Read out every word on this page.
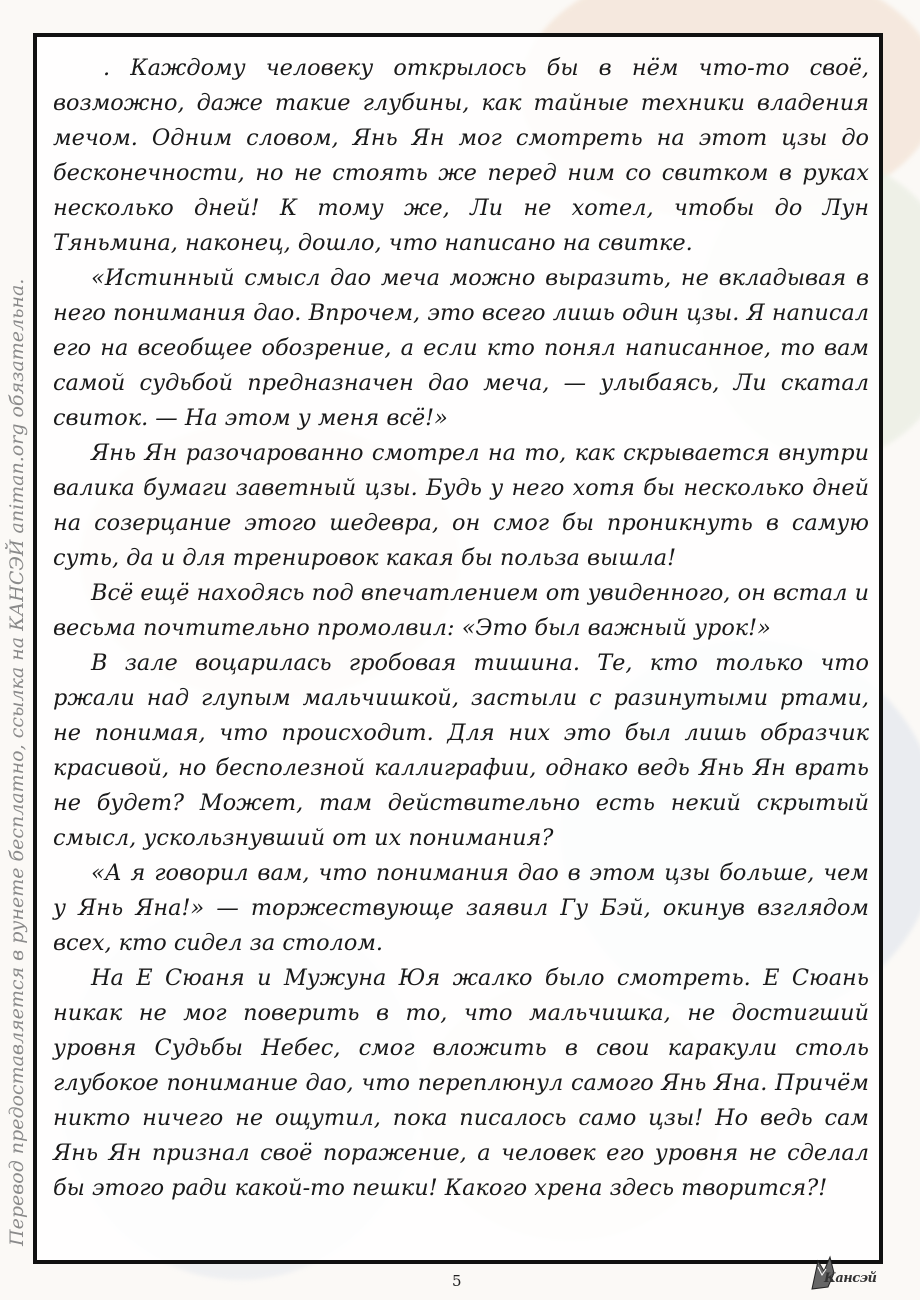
Перевод предоставляется в рунете бесплатно, ссылка на КАНСЭЙ animan.org обязательна.

. Каждому человеку открылось бы в нём что-то своё, возможно, даже такие глубины, как тайные техники владения мечом. Одним словом, Янь Ян мог смотреть на этот цзы до бесконечности, но не стоять же перед ним со свитком в руках несколько дней! К тому же, Ли не хотел, чтобы до Лун Тяньмина, наконец, дошло, что написано на свитке.

«Истинный смысл дао меча можно выразить, не вкладывая в него понимания дао. Впрочем, это всего лишь один цзы. Я написал его на всеобщее обозрение, а если кто понял написанное, то вам самой судьбой предназначен дао меча, — улыбаясь, Ли скатал свиток. — На этом у меня всё!»

Янь Ян разочарованно смотрел на то, как скрывается внутри валика бумаги заветный цзы. Будь у него хотя бы несколько дней на созерцание этого шедевра, он смог бы проникнуть в самую суть, да и для тренировок какая бы польза вышла!

Всё ещё находясь под впечатлением от увиденного, он встал и весьма почтительно промолвил: «Это был важный урок!»

В зале воцарилась гробовая тишина. Те, кто только что ржали над глупым мальчишкой, застыли с разинутыми ртами, не понимая, что происходит. Для них это был лишь образчик красивой, но бесполезной каллиграфии, однако ведь Янь Ян врать не будет? Может, там действительно есть некий скрытый смысл, ускользнувший от их понимания?

«А я говорил вам, что понимания дао в этом цзы больше, чем у Янь Яна!» — торжествующе заявил Гу Бэй, окинув взглядом всех, кто сидел за столом.

На Е Сюаня и Мужуна Юя жалко было смотреть. Е Сюань никак не мог поверить в то, что мальчишка, не достигший уровня Судьбы Небес, смог вложить в свои каракули столь глубокое понимание дао, что переплюнул самого Янь Яна. Причём никто ничего не ощутил, пока писалось само цзы! Но ведь сам Янь Ян признал своё поражение, а человек его уровня не сделал бы этого ради какой-то пешки! Какого хрена здесь творится?!

5	Кансэй
